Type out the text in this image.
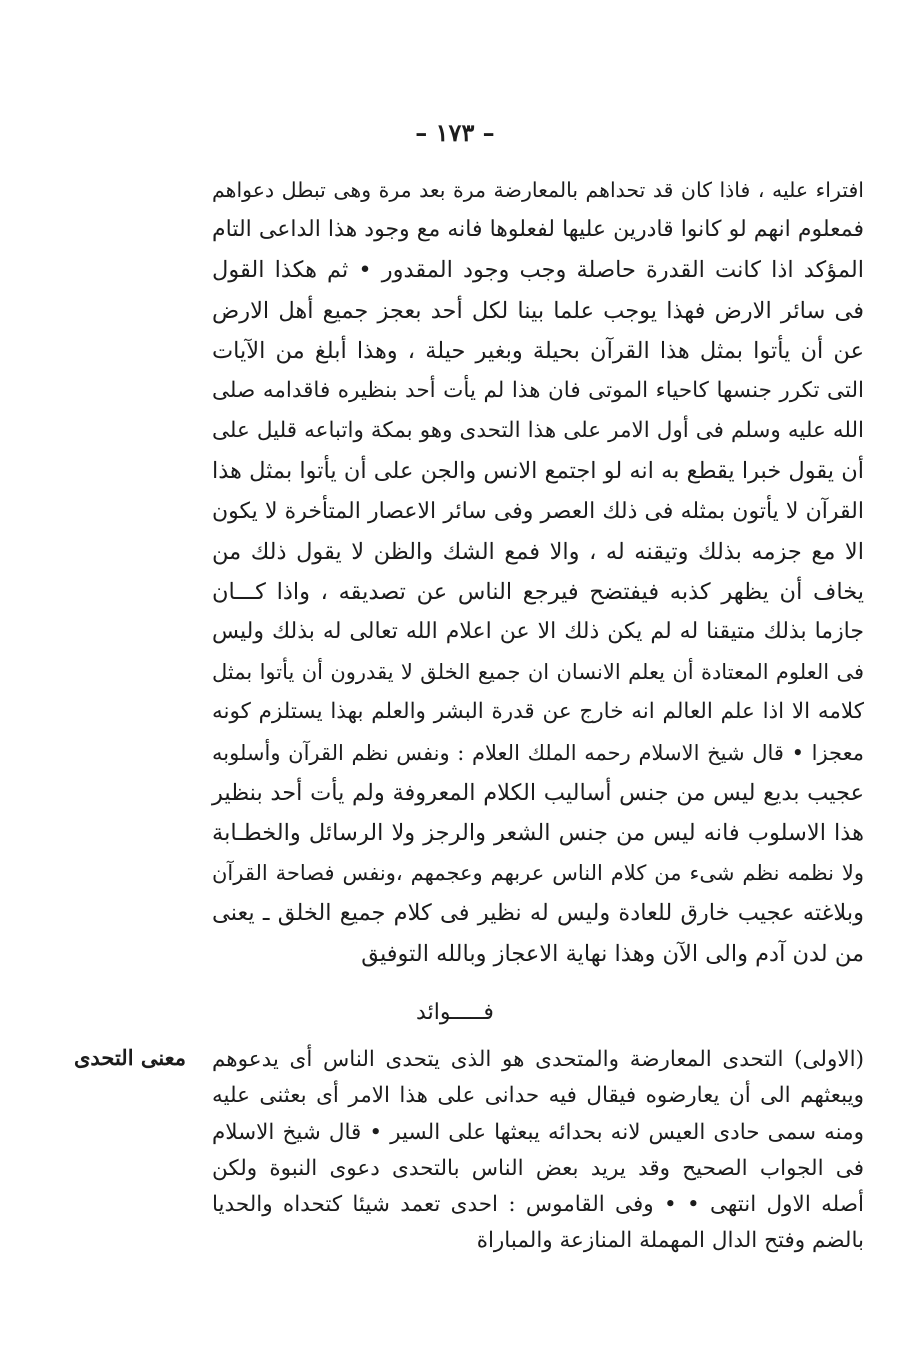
– ١٧٣ –
افتراء عليه ، فاذا كان قد تحداهم بالمعارضة مرة بعد مرة وهى تبطل دعواهم
فمعلوم انهم لو كانوا قادرين عليها لفعلوها فانه مع وجود هذا الداعى التام
المؤكد اذا كانت القدرة حاصلة وجب وجود المقدور • ثم هكذا القول
فى سائر الارض فهذا يوجب علما بينا لكل أحد بعجز جميع أهل الارض
عن أن يأتوا بمثل هذا القرآن بحيلة وبغير حيلة ، وهذا أبلغ من الآيات
التى تكرر جنسها كاحياء الموتى فان هذا لم يأت أحد بنظيره فاقدامه صلى
الله عليه وسلم فى أول الامر على هذا التحدى وهو بمكة واتباعه قليل على
أن يقول خبرا يقطع به انه لو اجتمع الانس والجن على أن يأتوا بمثل هذا
القرآن لا يأتون بمثله فى ذلك العصر وفى سائر الاعصار المتأخرة لا يكون
الا مع جزمه بذلك وتيقنه له ، والا فمع الشك والظن لا يقول ذلك من
يخاف أن يظهر كذبه فيفتضح فيرجع الناس عن تصديقه ، واذا كـــان
جازما بذلك متيقنا له لم يكن ذلك الا عن اعلام الله تعالى له بذلك وليس
فى العلوم المعتادة أن يعلم الانسان ان جميع الخلق لا يقدرون أن يأتوا بمثل
كلامه الا اذا علم العالم انه خارج عن قدرة البشر والعلم بهذا يستلزم كونه
معجزا • قال شيخ الاسلام رحمه الملك العلام : ونفس نظم القرآن وأسلوبه
عجيب بديع ليس من جنس أساليب الكلام المعروفة ولم يأت أحد بنظير
هذا الاسلوب فانه ليس من جنس الشعر والرجز ولا الرسائل والخطـابة
ولا نظمه نظم شىء من كلام الناس عربهم وعجمهم ،ونفس فصاحة القرآن
وبلاغته عجيب خارق للعادة وليس له نظير فى كلام جميع الخلق ـ يعنى
من لدن آدم والى الآن وهذا نهاية الاعجاز وبالله التوفيق
فـــــوائد
معنى التحدى (الاولى) التحدى المعارضة والمتحدى هو الذى يتحدى الناس أى يدعوهم
ويبعثهم الى أن يعارضوه فيقال فيه حدانى على هذا الامر أى بعثنى عليه
ومنه سمى حادى العيس لانه بحدائه يبعثها على السير • قال شيخ الاسلام
فى الجواب الصحيح وقد يريد بعض الناس بالتحدى دعوى النبوة ولكن
أصله الاول انتهى • • وفى القاموس : احدى تعمد شيئا كتحداه والحديا
بالضم وفتح الدال المهملة المنازعة والمباراة
